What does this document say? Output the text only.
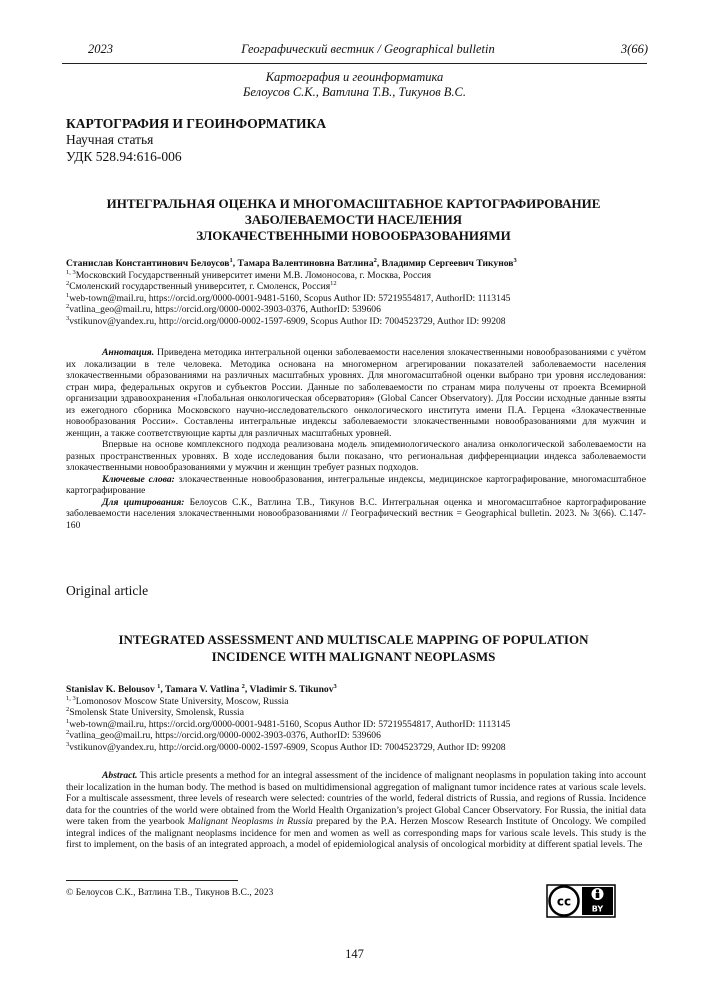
2023	Географический вестник / Geographical bulletin	3(66)
Картография и геоинформатика
Белоусов С.К., Ватлина Т.В., Тикунов В.С.
КАРТОГРАФИЯ И ГЕОИНФОРМАТИКА
Научная статья
УДК 528.94:616-006
ИНТЕГРАЛЬНАЯ ОЦЕНКА И МНОГОМАСШТАБНОЕ КАРТОГРАФИРОВАНИЕ
ЗАБОЛЕВАЕМОСТИ НАСЕЛЕНИЯ
ЗЛОКАЧЕСТВЕННЫМИ НОВООБРАЗОВАНИЯМИ
Станислав Константинович Белоусов$^1$, Тамара Валентиновна Ватлина$^2$, Владимир Сергеевич Тикунов$^3$
$^{1, 3}$Московский Государственный университет имени М.В. Ломоносова, г. Москва, Россия
$^2$Смоленский государственный университет, г. Смоленск, Россия$^{12}$
$^1$web-town@mail.ru, https://orcid.org/0000-0001-9481-5160, Scopus Author ID: 57219554817, AuthorID: 1113145
$^2$vatlina_geo@mail.ru, https://orcid.org/0000-0002-3903-0376, AuthorID: 539606
$^3$vstikunov@yandex.ru, http://orcid.org/0000-0002-1597-6909, Scopus Author ID: 7004523729, Author ID: 99208

Аннотация. Приведена методика интегральной оценки заболеваемости населения злокачественными новообразованиями с учётом их локализации в теле человека. Методика основана на многомерном агрегировании показателей заболеваемости населения злокачественными образованиями на различных масштабных уровнях. Для многомасштабной оценки выбрано три уровня исследования: стран мира, федеральных округов и субъектов России. Данные по заболеваемости по странам мира получены от проекта Всемирной организации здравоохранения «Глобальная онкологическая обсерватория» (Global Cancer Observatory). Для России исходные данные взяты из ежегодного сборника Московского научно-исследовательского онкологического института имени П.А. Герцена «Злокачественные новообразования России». Составлены интегральные индексы заболеваемости злокачественными новообразованиями для мужчин и женщин, а также соответствующие карты для различных масштабных уровней.

Впервые на основе комплексного подхода реализована модель эпидемиологического анализа онкологической заболеваемости на разных пространственных уровнях. В ходе исследования были показано, что региональная дифференциации индекса заболеваемости злокачественными новообразованиями у мужчин и женщин требует разных подходов.

Ключевые слова: злокачественные новообразования, интегральные индексы, медицинское картографирование, многомасштабное картографирование

Для цитирования: Белоусов С.К., Ватлина Т.В., Тикунов В.С. Интегральная оценка и многомасштабное картографирование заболеваемости населения злокачественными новообразованиями // Географический вестник = Geographical bulletin. 2023. № 3(66). С.147-160

Original article
INTEGRATED ASSESSMENT AND MULTISCALE MAPPING OF POPULATION
INCIDENCE WITH MALIGNANT NEOPLASMS
Stanislav K. Belousov $^1$, Tamara V. Vatlina $^2$, Vladimir S. Tikunov$^3$
$^{1, 3}$Lomonosov Moscow State University, Moscow, Russia
$^2$Smolensk State University, Smolensk, Russia
$^1$web-town@mail.ru, https://orcid.org/0000-0001-9481-5160, Scopus Author ID: 57219554817, AuthorID: 1113145
$^2$vatlina_geo@mail.ru, https://orcid.org/0000-0002-3903-0376, AuthorID: 539606
$^3$vstikunov@yandex.ru, http://orcid.org/0000-0002-1597-6909, Scopus Author ID: 7004523729, Author ID: 99208

Abstract. This article presents a method for an integral assessment of the incidence of malignant neoplasms in population taking into account their localization in the human body. The method is based on multidimensional aggregation of malignant tumor incidence rates at various scale levels. For a multiscale assessment, three levels of research were selected: countries of the world, federal districts of Russia, and regions of Russia. Incidence data for the countries of the world were obtained from the World Health Organization’s project Global Cancer Observatory. For Russia, the initial data were taken from the yearbook Malignant Neoplasms in Russia prepared by the P.A. Herzen Moscow Research Institute of Oncology. We compiled integral indices of the malignant neoplasms incidence for men and women as well as corresponding maps for various scale levels. This study is the first to implement, on the basis of an integrated approach, a model of epidemiological analysis of oncological morbidity at different spatial levels. The

© Белоусов С.К., Ватлина Т.В., Тикунов В.С., 2023
cc
BY
147
